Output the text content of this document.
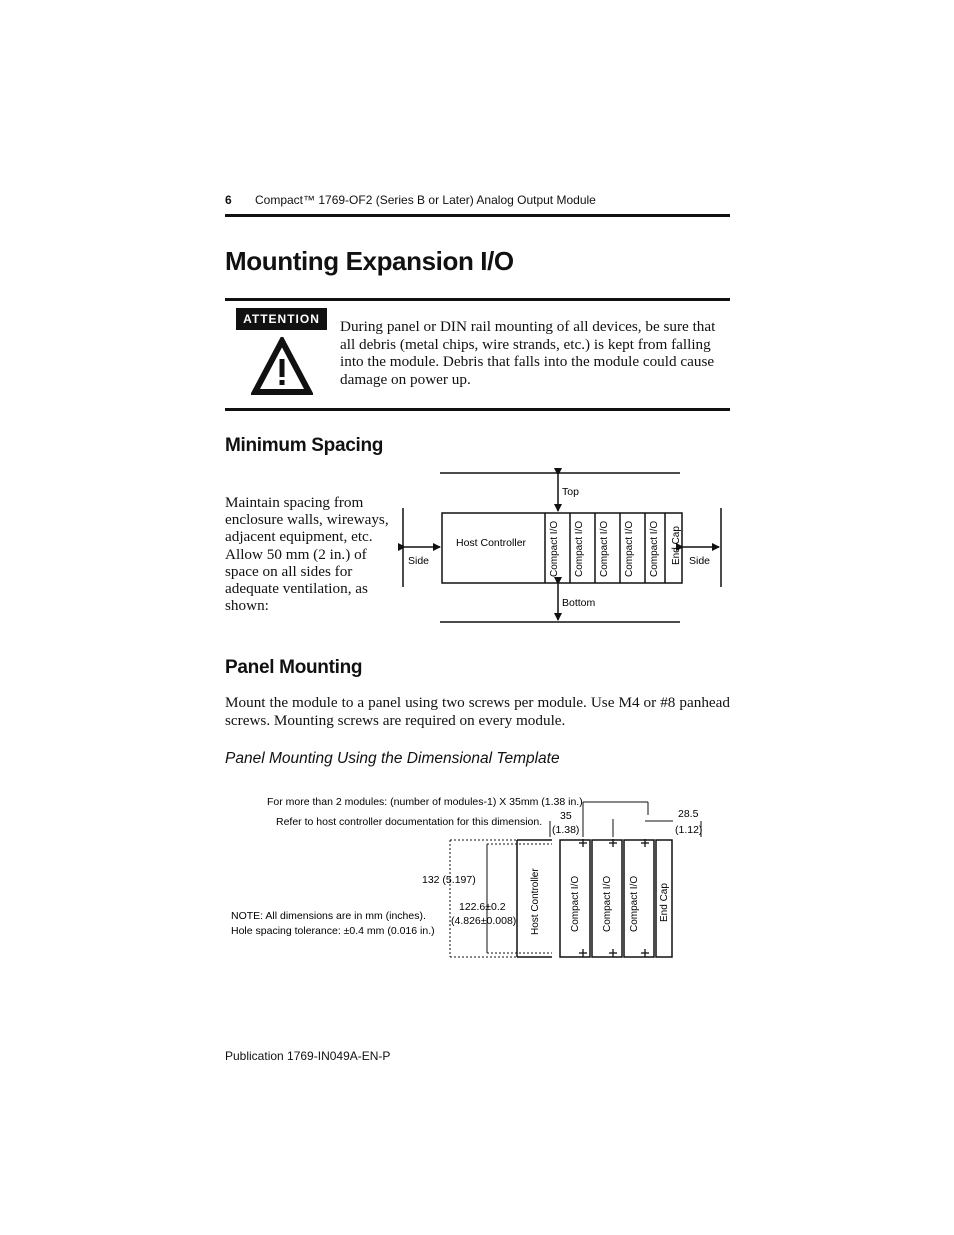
6 Compact™ 1769-OF2 (Series B or Later) Analog Output Module
Mounting Expansion I/O
ATTENTION	During panel or DIN rail mounting of all devices, be sure that all debris (metal chips, wire strands, etc.) is kept from falling into the module. Debris that falls into the module could cause damage on power up.
Minimum Spacing
Maintain spacing from enclosure walls, wireways, adjacent equipment, etc. Allow 50 mm (2 in.) of space on all sides for adequate ventilation, as shown:
Top
Bottom
Side	Side
Host Controller Compact I/O Compact I/O Compact I/O Compact I/O Compact I/O End Cap
Panel Mounting
Mount the module to a panel using two screws per module. Use M4 or #8 panhead screws. Mounting screws are required on every module.
Panel Mounting Using the Dimensional Template
For more than 2 modules: (number of modules-1) X 35mm (1.38 in.)
Refer to host controller documentation for this dimension. 35
(1.38)
28.5
(1.12)
132 (5.197)
122.6±0.2
(4.826±0.008)
NOTE: All dimensions are in mm (inches).
Hole spacing tolerance: ±0.4 mm (0.016 in.)	Host Controller	Compact I/O Compact I/O Compact I/O End Cap
Publication 1769-IN049A-EN-P
